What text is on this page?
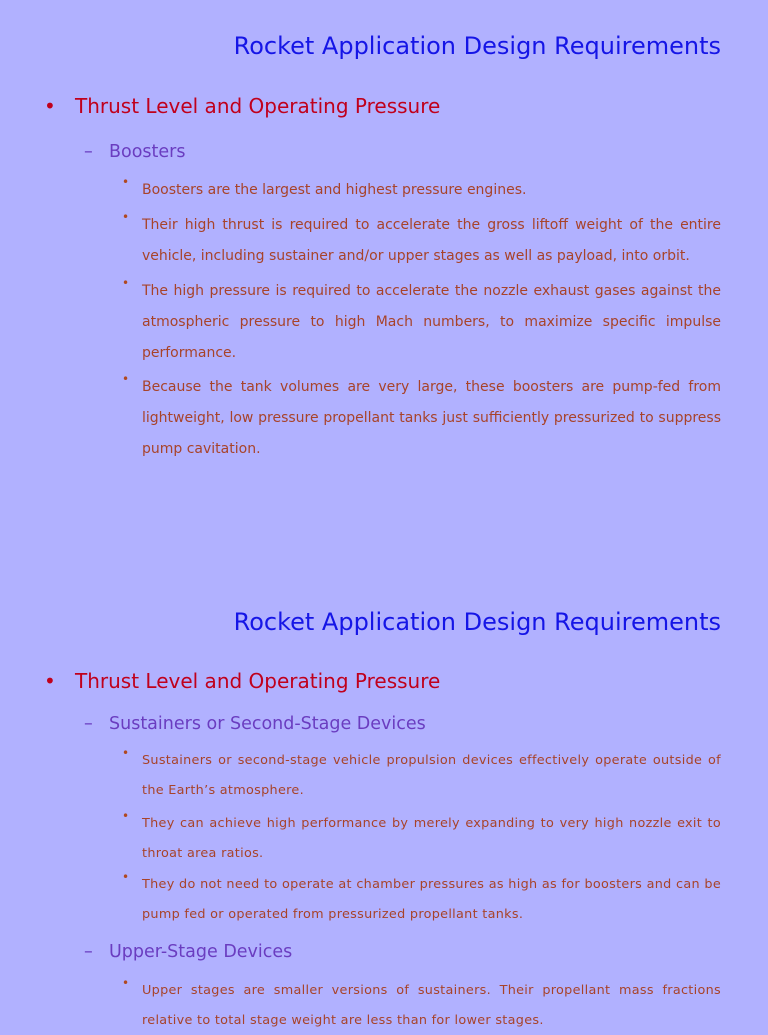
Rocket Application Design Requirements
• Thrust Level and Operating Pressure
– Boosters
• Boosters are the largest and highest pressure engines.
• Their high thrust is required to accelerate the gross liftoff weight of the entire vehicle, including sustainer and/or upper stages as well as payload, into orbit.
• The high pressure is required to accelerate the nozzle exhaust gases against the atmospheric pressure to high Mach numbers, to maximize specific impulse performance.
• Because the tank volumes are very large, these boosters are pump-fed from lightweight, low pressure propellant tanks just sufficiently pressurized to suppress pump cavitation.
Rocket Application Design Requirements
• Thrust Level and Operating Pressure
– Sustainers or Second-Stage Devices
• Sustainers or second-stage vehicle propulsion devices effectively operate outside of the Earth’s atmosphere.
• They can achieve high performance by merely expanding to very high nozzle exit to throat area ratios.
• They do not need to operate at chamber pressures as high as for boosters and can be pump fed or operated from pressurized propellant tanks.
– Upper-Stage Devices
• Upper stages are smaller versions of sustainers. Their propellant mass fractions relative to total stage weight are less than for lower stages.
